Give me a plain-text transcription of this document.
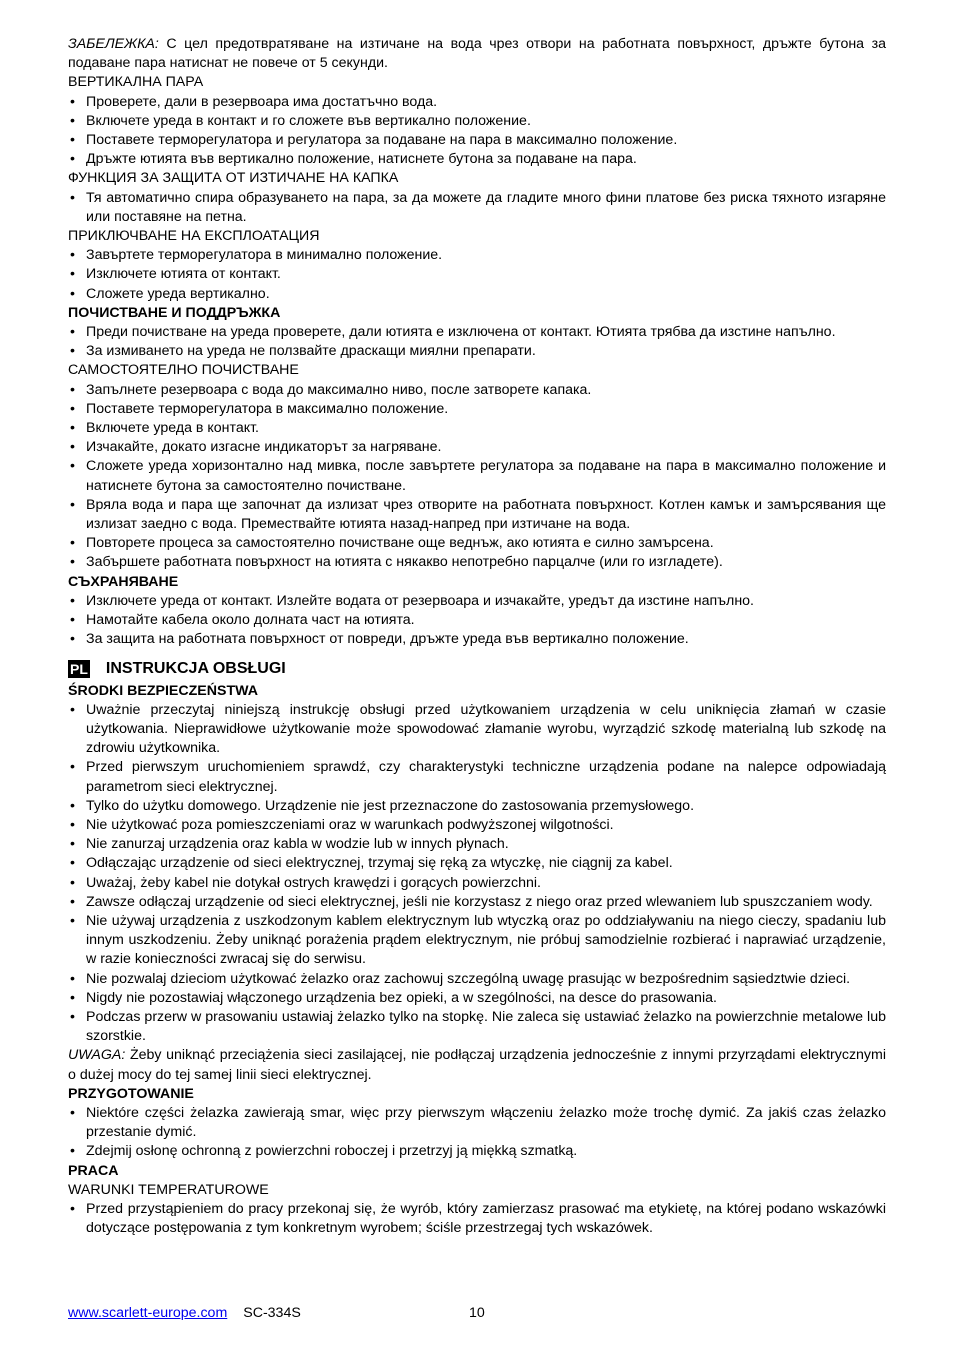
ЗАБЕЛЕЖКА: С цел предотвратяване на изтичане на вода чрез отвори на работната повърхност, дръжте бутона за подаване пара натиснат не повече от 5 секунди.

ВЕРТИКАЛНА ПАРА

• Проверете, дали в резервоара има достатъчно вода.
• Включете уреда в контакт и го сложете във вертикално положение.
• Поставете терморегулатора и регулатора за подаване на пара в максимално положение.
• Дръжте ютията във вертикално положение, натиснете бутона за подаване на пара.

ФУНКЦИЯ ЗА ЗАЩИТА ОТ ИЗТИЧАНЕ НА КАПКА

• Тя автоматично спира образуването на пара, за да можете да гладите много фини платове без риска тяхното изгаряне или поставяне на петна.

ПРИКЛЮЧВАНЕ НА ЕКСПЛОАТАЦИЯ

• Завъртете терморегулатора в минимално положение.
• Изключете ютията от контакт.
• Сложете уреда вертикално.

ПОЧИСТВАНЕ И ПОДДРЪЖКА

• Преди почистване на уреда проверете, дали ютията е изключена от контакт. Ютията трябва да изстине напълно.
• За измиването на уреда не ползвайте драскащи миялни препарати.

САМОСТОЯТЕЛНО ПОЧИСТВАНЕ

• Запълнете резервоара с вода до максимално ниво, после затворете капака.
• Поставете терморегулатора в максимално положение.
• Включете уреда в контакт.
• Изчакайте, докато изгасне индикаторът за нагряване.
• Сложете уреда хоризонтално над мивка, после завъртете регулатора за подаване на пара в максимално положение и натиснете бутона за самостоятелно почистване.
• Вряла вода и пара ще започнат да излизат чрез отворите на работната повърхност. Котлен камък и замърсявания ще излизат заедно с вода. Премествайте ютията назад-напред при изтичане на вода.
• Повторете процеса за самостоятелно почистване още веднъж, ако ютията е силно замърсена.
• Забършете работната повърхност на ютията с някакво непотребно парцалче (или го изгладете).

СЪХРАНЯВАНЕ

• Изключете уреда от контакт. Излейте водата от резервоара и изчакайте, уредът да изстине напълно.
• Намотайте кабела около долната част на ютията.
• За защита на работната повърхност от повреди, дръжте уреда във вертикално положение.
PL INSTRUKCJA OBSŁUGI

ŚRODKI BEZPIECZEŃSTWA

• Uważnie przeczytaj niniejszą instrukcję obsługi przed użytkowaniem urządzenia w celu uniknięcia złamań w czasie użytkowania. Nieprawidłowe użytkowanie może spowodować złamanie wyrobu, wyrządzić szkodę materialną lub szkodę na zdrowiu użytkownika.
• Przed pierwszym uruchomieniem sprawdź, czy charakterystyki techniczne urządzenia podane na nalepce odpowiadają parametrom sieci elektrycznej.
• Tylko do użytku domowego. Urządzenie nie jest przeznaczone do zastosowania przemysłowego.
• Nie użytkować poza pomieszczeniami oraz w warunkach podwyższonej wilgotności.
• Nie zanurzaj urządzenia oraz kabla w wodzie lub w innych płynach.
• Odłączając urządzenie od sieci elektrycznej, trzymaj się ręką za wtyczkę, nie ciągnij za kabel.
• Uważaj, żeby kabel nie dotykał ostrych krawędzi i gorących powierzchni.
• Zawsze odłączaj urządzenie od sieci elektrycznej, jeśli nie korzystasz z niego oraz przed wlewaniem lub spuszczaniem wody.
• Nie używaj urządzenia z uszkodzonym kablem elektrycznym lub wtyczką oraz po oddziaływaniu na niego cieczy, spadaniu lub innym uszkodzeniu. Żeby uniknąć porażenia prądem elektrycznym, nie próbuj samodzielnie rozbierać i naprawiać urządzenie, w razie konieczności zwracaj się do serwisu.
• Nie pozwalaj dzieciom użytkować żelazko oraz zachowuj szczególną uwagę prasując w bezpośrednim sąsiedztwie dzieci.
• Nigdy nie pozostawiaj włączonego urządzenia bez opieki, a w szególności, na desce do prasowania.
• Podczas przerw w prasowaniu ustawiaj żelazko tylko na stopkę. Nie zaleca się ustawiać żelazko na powierzchnie metalowe lub szorstkie.

UWAGA: Żeby uniknąć przeciążenia sieci zasilającej, nie podłączaj urządzenia jednocześnie z innymi przyrządami elektrycznymi o dużej mocy do tej samej linii sieci elektrycznej.

PRZYGOTOWANIE

• Niektóre części żelazka zawierają smar, więc przy pierwszym włączeniu żelazko może trochę dymić. Za jakiś czas żelazko przestanie dymić.
• Zdejmij osłonę ochronną z powierzchni roboczej i przetrzyj ją miękką szmatką.

PRACA

WARUNKI TEMPERATUROWE

• Przed przystąpieniem do pracy przekonaj się, że wyrób, który zamierzasz prasować ma etykietę, na której podano wskazówki dotyczące postępowania z tym konkretnym wyrobem; ściśle przestrzegaj tych wskazówek.
www.scarlett-europe.com SC-334S	10
